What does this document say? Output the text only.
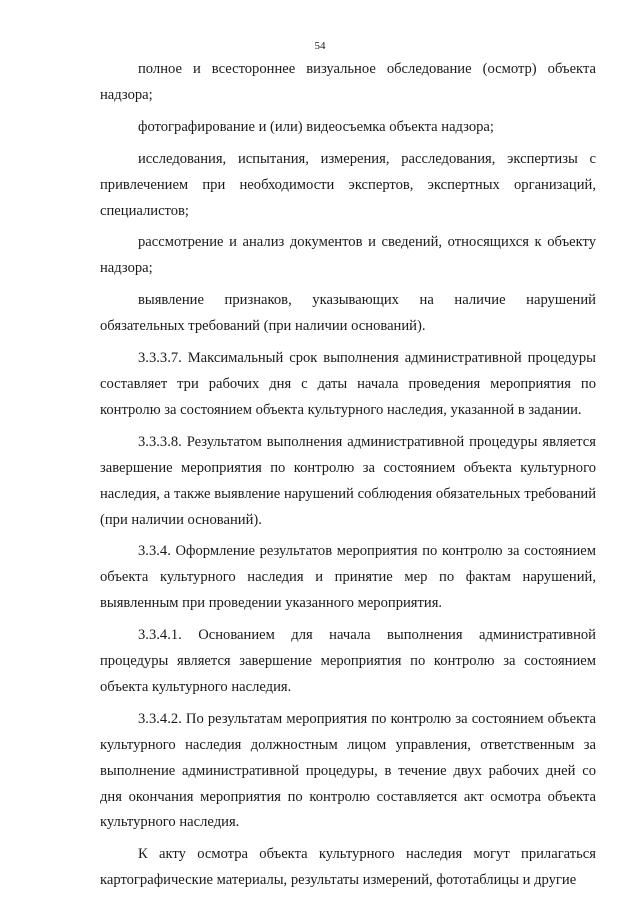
54

полное и всестороннее визуальное обследование (осмотр) объекта надзора;

фотографирование и (или) видеосъемка объекта надзора;

исследования, испытания, измерения, расследования, экспертизы с привлечением при необходимости экспертов, экспертных организаций, специалистов;

рассмотрение и анализ документов и сведений, относящихся к объекту надзора;

выявление признаков, указывающих на наличие нарушений обязательных требований (при наличии оснований).

3.3.3.7. Максимальный срок выполнения административной процедуры составляет три рабочих дня с даты начала проведения мероприятия по контролю за состоянием объекта культурного наследия, указанной в задании.

3.3.3.8. Результатом выполнения административной процедуры является завершение мероприятия по контролю за состоянием объекта культурного наследия, а также выявление нарушений соблюдения обязательных требований (при наличии оснований).

3.3.4. Оформление результатов мероприятия по контролю за состоянием объекта культурного наследия и принятие мер по фактам нарушений, выявленным при проведении указанного мероприятия.

3.3.4.1. Основанием для начала выполнения административной процедуры является завершение мероприятия по контролю за состоянием объекта культурного наследия.

3.3.4.2. По результатам мероприятия по контролю за состоянием объекта культурного наследия должностным лицом управления, ответственным за выполнение административной процедуры, в течение двух рабочих дней со дня окончания мероприятия по контролю составляется акт осмотра объекта культурного наследия.

К акту осмотра объекта культурного наследия могут прилагаться картографические материалы, результаты измерений, фототаблицы и другие
